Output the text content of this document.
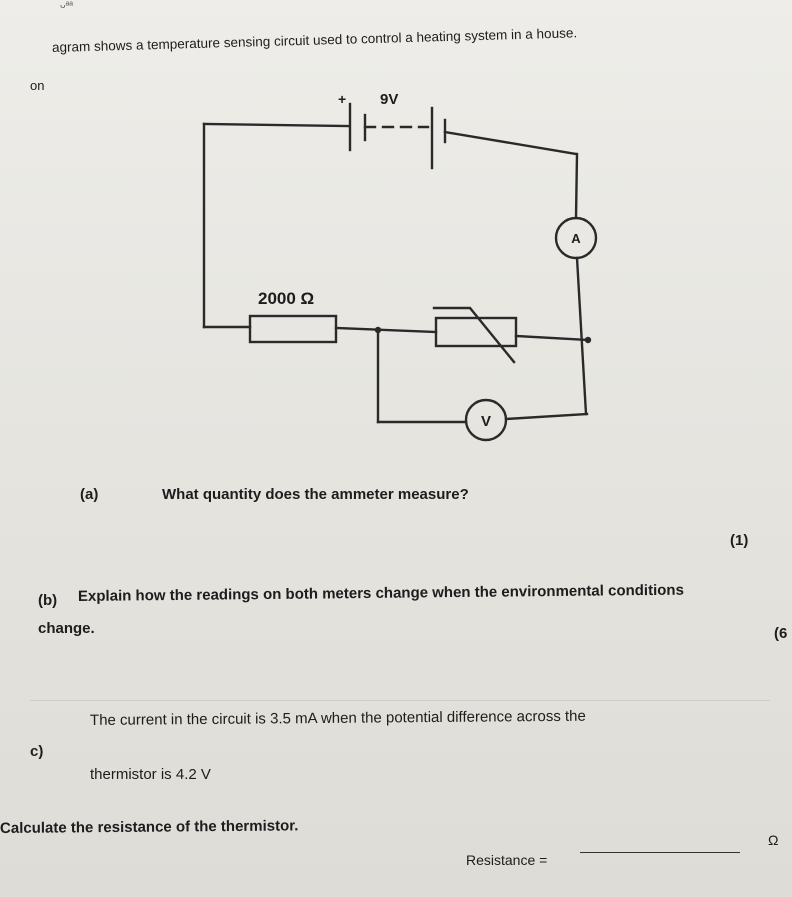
ᴗᵃᵃ
agram shows a temperature sensing circuit used to control a heating system in a house.
on
+ 9V
2000 Ω
A
V
(a)	What quantity does the ammeter measure?
(1)
(b) Explain how the readings on both meters change when the environmental conditions
change.	(6
c)
The current in the circuit is 3.5 mA when the potential difference across the
thermistor is 4.2 V
Calculate the resistance of the thermistor.
Resistance =
Ω
